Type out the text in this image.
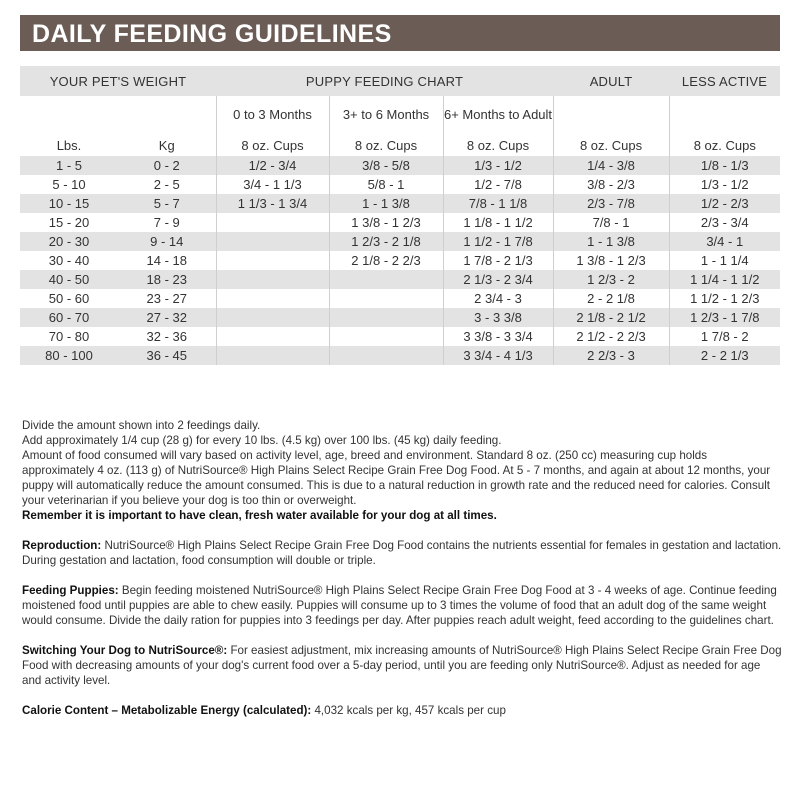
DAILY FEEDING GUIDELINES
YOUR PET'S WEIGHT		PUPPY FEEDING CHART			ADULT	LESS ACTIVE
		0 to 3 Months	3+ to 6 Months	6+ Months to Adult		
Lbs.	Kg	8 oz. Cups	8 oz. Cups	8 oz. Cups	8 oz. Cups	8 oz. Cups
1 - 5	0 - 2	1/2 - 3/4	3/8 - 5/8	1/3 - 1/2	1/4 - 3/8	1/8 - 1/3
5 - 10	2 - 5	3/4 - 1 1/3	5/8 - 1	1/2 - 7/8	3/8 - 2/3	1/3 - 1/2
10 - 15	5 - 7	1 1/3 - 1 3/4	1 - 1 3/8	7/8 - 1 1/8	2/3 - 7/8	1/2 - 2/3
15 - 20	7 - 9		1 3/8 - 1 2/3	1 1/8 - 1 1/2	7/8 - 1	2/3 - 3/4
20 - 30	9 - 14		1 2/3 - 2 1/8	1 1/2 - 1 7/8	1 - 1 3/8	3/4 - 1
30 - 40	14 - 18		2 1/8 - 2 2/3	1 7/8 - 2 1/3	1 3/8 - 1 2/3	1 - 1 1/4
40 - 50	18 - 23			2 1/3 - 2 3/4	1 2/3 - 2	1 1/4 - 1 1/2
50 - 60	23 - 27			2 3/4 - 3	2 - 2 1/8	1 1/2 - 1 2/3
60 - 70	27 - 32			3 - 3 3/8	2 1/8 - 2 1/2	1 2/3 - 1 7/8
70 - 80	32 - 36			3 3/8 - 3 3/4	2 1/2 - 2 2/3	1 7/8 - 2
80 - 100	36 - 45			3 3/4 - 4 1/3	2 2/3 - 3	2 - 2 1/3

Divide the amount shown into 2 feedings daily.

Add approximately 1/4 cup (28 g) for every 10 lbs. (4.5 kg) over 100 lbs. (45 kg) daily feeding.

Amount of food consumed will vary based on activity level, age, breed and environment. Standard 8 oz. (250 cc) measuring cup holds approximately 4 oz. (113 g) of NutriSource® High Plains Select Recipe Grain Free Dog Food. At 5 - 7 months, and again at about 12 months, your puppy will automatically reduce the amount consumed. This is due to a natural reduction in growth rate and the reduced need for calories. Consult your veterinarian if you believe your dog is too thin or overweight.

Remember it is important to have clean, fresh water available for your dog at all times.

Reproduction: NutriSource® High Plains Select Recipe Grain Free Dog Food contains the nutrients essential for females in gestation and lactation. During gestation and lactation, food consumption will double or triple.

Feeding Puppies: Begin feeding moistened NutriSource® High Plains Select Recipe Grain Free Dog Food at 3 - 4 weeks of age. Continue feeding moistened food until puppies are able to chew easily. Puppies will consume up to 3 times the volume of food that an adult dog of the same weight would consume. Divide the daily ration for puppies into 3 feedings per day. After puppies reach adult weight, feed according to the guidelines chart.

Switching Your Dog to NutriSource®: For easiest adjustment, mix increasing amounts of NutriSource® High Plains Select Recipe Grain Free Dog Food with decreasing amounts of your dog's current food over a 5-day period, until you are feeding only NutriSource®. Adjust as needed for age and activity level.

Calorie Content – Metabolizable Energy (calculated): 4,032 kcals per kg, 457 kcals per cup
